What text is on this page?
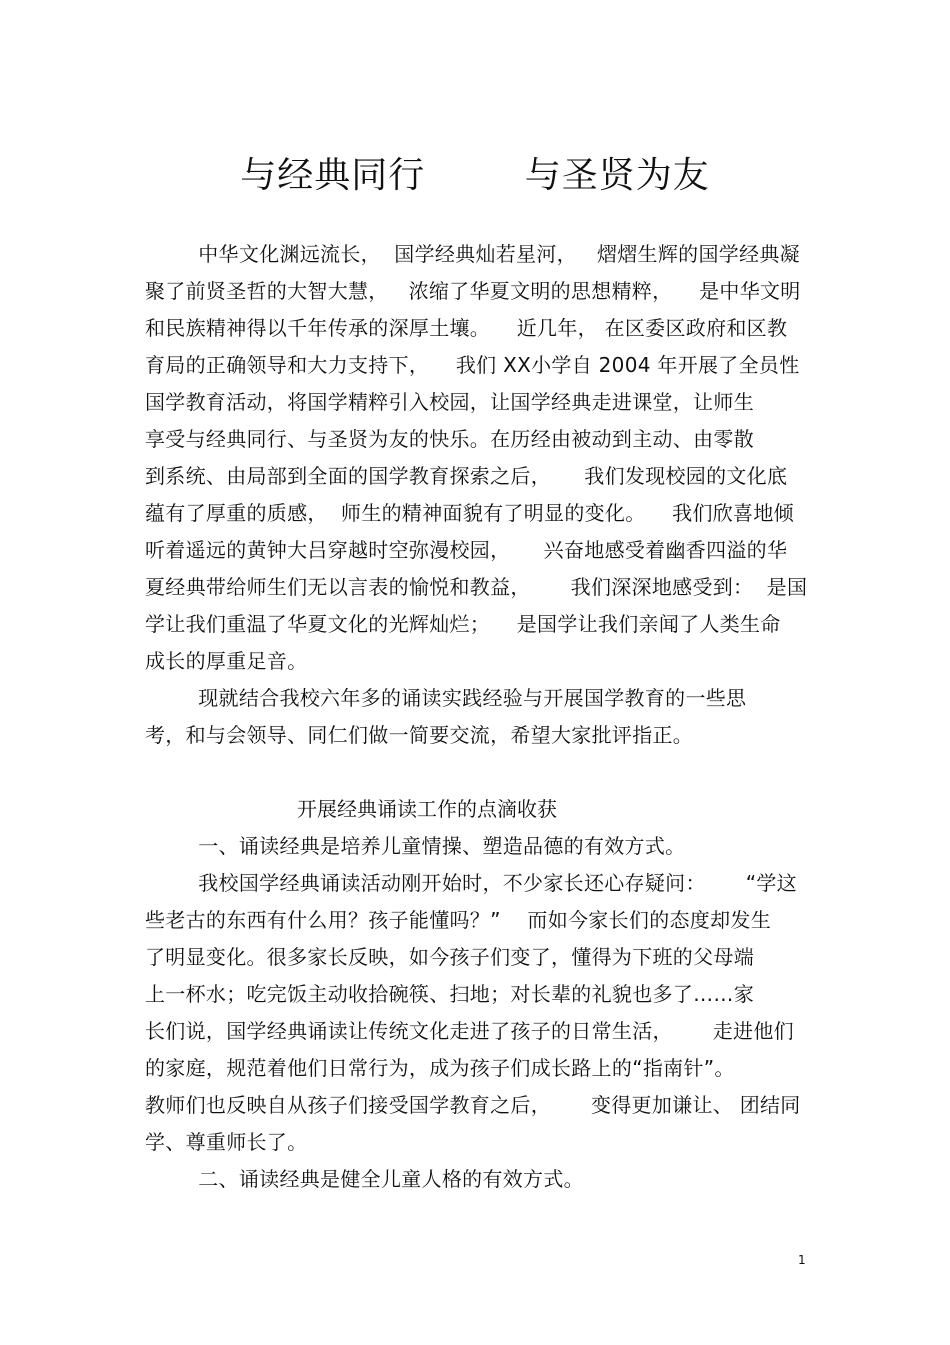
与经典同行        与圣贤为友
中华文化渊远流长，  国学经典灿若星河，   熠熠生辉的国学经典凝
聚了前贤圣哲的大智大慧，   浓缩了华夏文明的思想精粹，    是中华文明
和民族精神得以千年传承的深厚土壤。    近几年， 在区委区政府和区教
育局的正确领导和大力支持下，    我们 XX小学自 2004 年开展了全员性
国学教育活动，将国学精粹引入校园，让国学经典走进课堂，让师生
享受与经典同行、与圣贤为友的快乐。在历经由被动到主动、由零散
到系统、由局部到全面的国学教育探索之后，     我们发现校园的文化底
蕴有了厚重的质感，  师生的精神面貌有了明显的变化。    我们欣喜地倾
听着遥远的黄钟大吕穿越时空弥漫校园，     兴奋地感受着幽香四溢的华
夏经典带给师生们无以言表的愉悦和教益，      我们深深地感受到：  是国
学让我们重温了华夏文化的光辉灿烂；    是国学让我们亲闻了人类生命
成长的厚重足音。
现就结合我校六年多的诵读实践经验与开展国学教育的一些思
考，和与会领导、同仁们做一简要交流，希望大家批评指正。
开展经典诵读工作的点滴收获
一、诵读经典是培养儿童情操、塑造品德的有效方式。
我校国学经典诵读活动刚开始时，不少家长还心存疑问：      “学这
些老古的东西有什么用？孩子能懂吗？”    而如今家长们的态度却发生
了明显变化。很多家长反映，如今孩子们变了，懂得为下班的父母端
上一杯水；吃完饭主动收拾碗筷、扫地；对长辈的礼貌也多了……家
长们说，国学经典诵读让传统文化走进了孩子的日常生活，      走进他们
的家庭，规范着他们日常行为，成为孩子们成长路上的“指南针”。
教师们也反映自从孩子们接受国学教育之后，      变得更加谦让、 团结同
学、尊重师长了。
二、诵读经典是健全儿童人格的有效方式。
1
